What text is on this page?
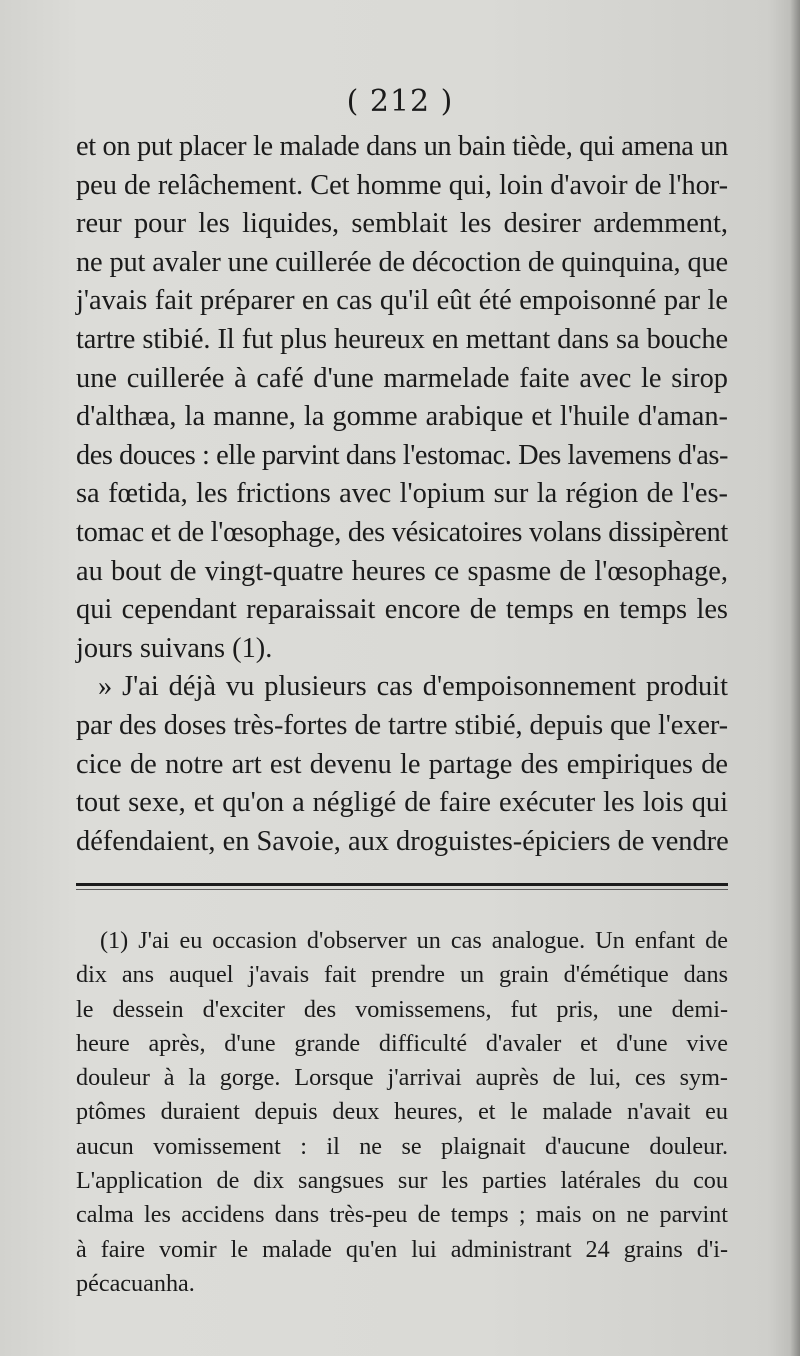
( 212 )
et on put placer le malade dans un bain tiède, qui amena un
peu de relâchement. Cet homme qui, loin d'avoir de l'hor-
reur pour les liquides, semblait les desirer ardemment,
ne put avaler une cuillerée de décoction de quinquina, que
j'avais fait préparer en cas qu'il eût été empoisonné par le
tartre stibié. Il fut plus heureux en mettant dans sa bouche
une cuillerée à café d'une marmelade faite avec le sirop
d'althæa, la manne, la gomme arabique et l'huile d'aman-
des douces : elle parvint dans l'estomac. Des lavemens d'as-
sa fœtida, les frictions avec l'opium sur la région de l'es-
tomac et de l'œsophage, des vésicatoires volans dissipèrent
au bout de vingt-quatre heures ce spasme de l'œsophage,
qui cependant reparaissait encore de temps en temps les
jours suivans (1).
» J'ai déjà vu plusieurs cas d'empoisonnement produit
par des doses très-fortes de tartre stibié, depuis que l'exer-
cice de notre art est devenu le partage des empiriques de
tout sexe, et qu'on a négligé de faire exécuter les lois qui
défendaient, en Savoie, aux droguistes-épiciers de vendre
(1) J'ai eu occasion d'observer un cas analogue. Un enfant de
dix ans auquel j'avais fait prendre un grain d'émétique dans
le dessein d'exciter des vomissemens, fut pris, une demi-
heure après, d'une grande difficulté d'avaler et d'une vive
douleur à la gorge. Lorsque j'arrivai auprès de lui, ces sym-
ptômes duraient depuis deux heures, et le malade n'avait eu
aucun vomissement : il ne se plaignait d'aucune douleur.
L'application de dix sangsues sur les parties latérales du cou
calma les accidens dans très-peu de temps ; mais on ne parvint
à faire vomir le malade qu'en lui administrant 24 grains d'i-
pécacuanha.
